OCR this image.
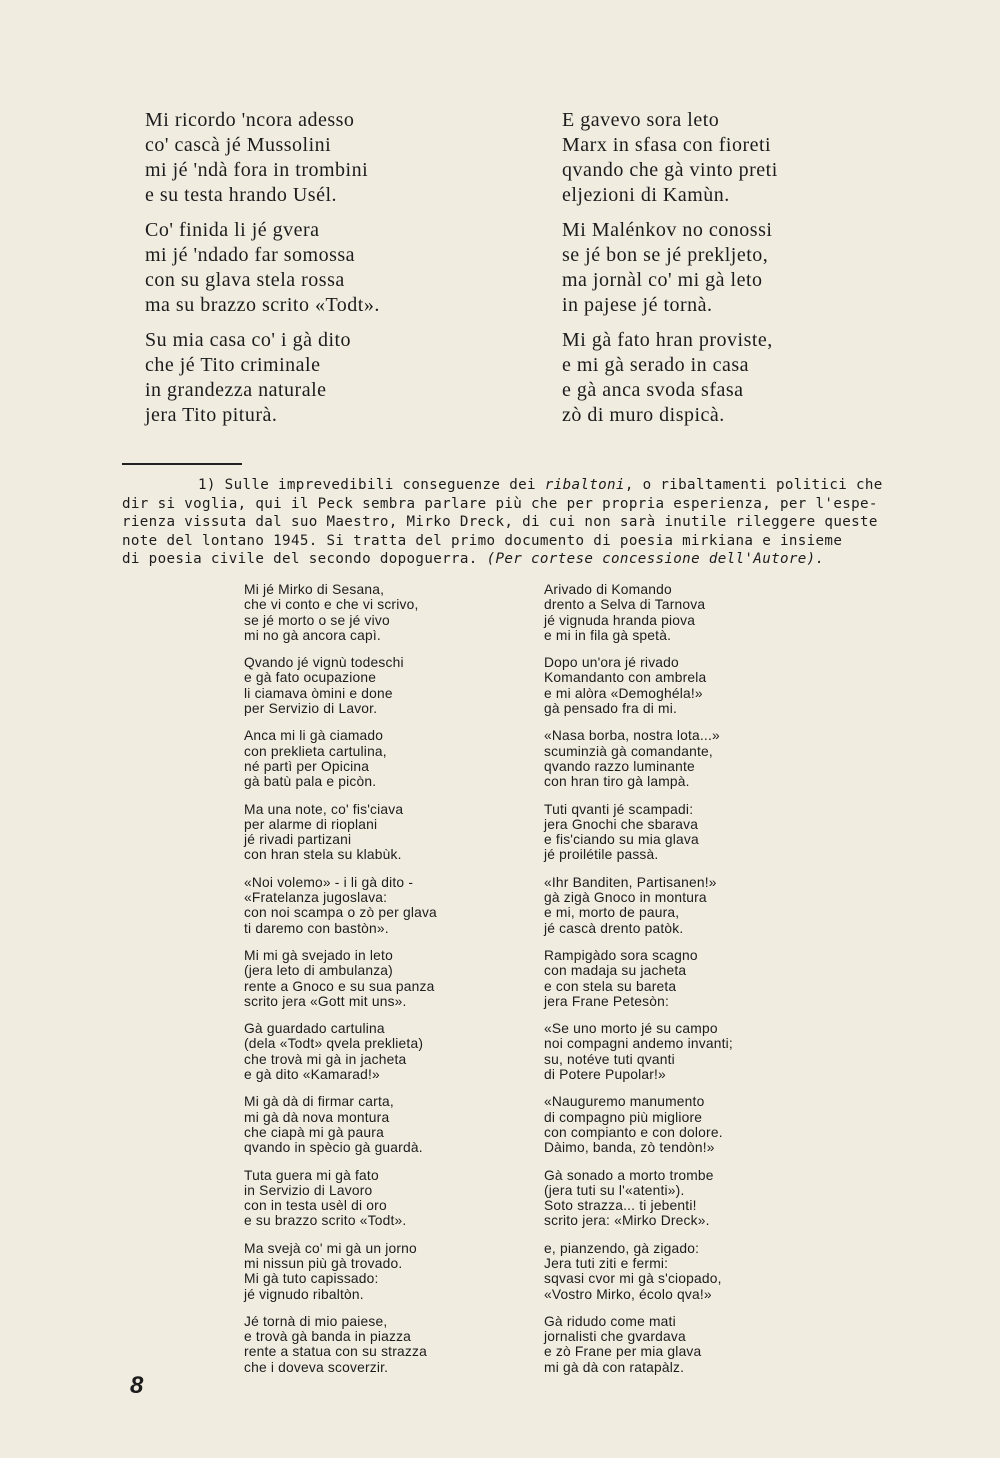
Mi ricordo 'ncora adesso
co' cascà jé Mussolini
mi jé 'ndà fora in trombini
e su testa hrando Usél.
Co' finida li jé gvera
mi jé 'ndado far somossa
con su glava stela rossa
ma su brazzo scrito «Todt».
Su mia casa co' i gà dito
che jé Tito criminale
in grandezza naturale
jera Tito piturà.
E gavevo sora leto
Marx in sfasa con fioreti
qvando che gà vinto preti
eljezioni di Kamùn.
Mi Malénkov no conossi
se jé bon se jé prekljeto,
ma jornàl co' mi gà leto
in pajese jé tornà.
Mi gà fato hran proviste,
e mi gà serado in casa
e gà anca svoda sfasa
zò di muro dispicà.
1) Sulle imprevedibili conseguenze dei ribaltoni, o ribaltamenti politici che
dir si voglia, qui il Peck sembra parlare più che per propria esperienza, per l'espe-
rienza vissuta dal suo Maestro, Mirko Dreck, di cui non sarà inutile rileggere queste
note del lontano 1945. Si tratta del primo documento di poesia mirkiana e insieme
di poesia civile del secondo dopoguerra. (Per cortese concessione dell'Autore).
Mi jé Mirko di Sesana,
che vi conto e che vi scrivo,
se jé morto o se jé vivo
mi no gà ancora capì.
Qvando jé vignù todeschi
e gà fato ocupazione
li ciamava òmini e done
per Servizio di Lavor.
Anca mi li gà ciamado
con preklieta cartulina,
né partì per Opicina
gà batù pala e picòn.
Ma una note, co' fis'ciava
per alarme di rioplani
jé rivadi partizani
con hran stela su klabùk.
«Noi volemo» - i li gà dito -
«Fratelanza jugoslava:
con noi scampa o zò per glava
ti daremo con bastòn».
Mi mi gà svejado in leto
(jera leto di ambulanza)
rente a Gnoco e su sua panza
scrito jera «Gott mit uns».
Gà guardado cartulina
(dela «Todt» qvela preklieta)
che trovà mi gà in jacheta
e gà dito «Kamarad!»
Mi gà dà di firmar carta,
mi gà dà nova montura
che ciapà mi gà paura
qvando in spècio gà guardà.
Tuta guera mi gà fato
in Servizio di Lavoro
con in testa usèl di oro
e su brazzo scrito «Todt».
Ma svejà co' mi gà un jorno
mi nissun più gà trovado.
Mi gà tuto capissado:
jé vignudo ribaltòn.
Jé tornà di mio paiese,
e trovà gà banda in piazza
rente a statua con su strazza
che i doveva scoverzir.
Arivado di Komando
drento a Selva di Tarnova
jé vignuda hranda piova
e mi in fila gà spetà.
Dopo un'ora jé rivado
Komandanto con ambrela
e mi alòra «Demoghéla!»
gà pensado fra di mi.
«Nasa borba, nostra lota...»
scuminzià gà comandante,
qvando razzo luminante
con hran tiro gà lampà.
Tuti qvanti jé scampadi:
jera Gnochi che sbarava
e fis'ciando su mia glava
jé proilétile passà.
«Ihr Banditen, Partisanen!»
gà zigà Gnoco in montura
e mi, morto de paura,
jé cascà drento patòk.
Rampigàdo sora scagno
con madaja su jacheta
e con stela su bareta
jera Frane Petesòn:
«Se uno morto jé su campo
noi compagni andemo invanti;
su, notéve tuti qvanti
di Potere Pupolar!»
«Nauguremo manumento
di compagno più migliore
con compianto e con dolore.
Dàimo, banda, zò tendòn!»
Gà sonado a morto trombe
(jera tuti su l'«atenti»).
Soto strazza... ti jebenti!
scrito jera: «Mirko Dreck».
e, pianzendo, gà zigado:
Jera tuti ziti e fermi:
sqvasi cvor mi gà s'ciopado,
«Vostro Mirko, écolo qva!»
Gà ridudo come mati
jornalisti che gvardava
e zò Frane per mia glava
mi gà dà con ratapàlz.
8
